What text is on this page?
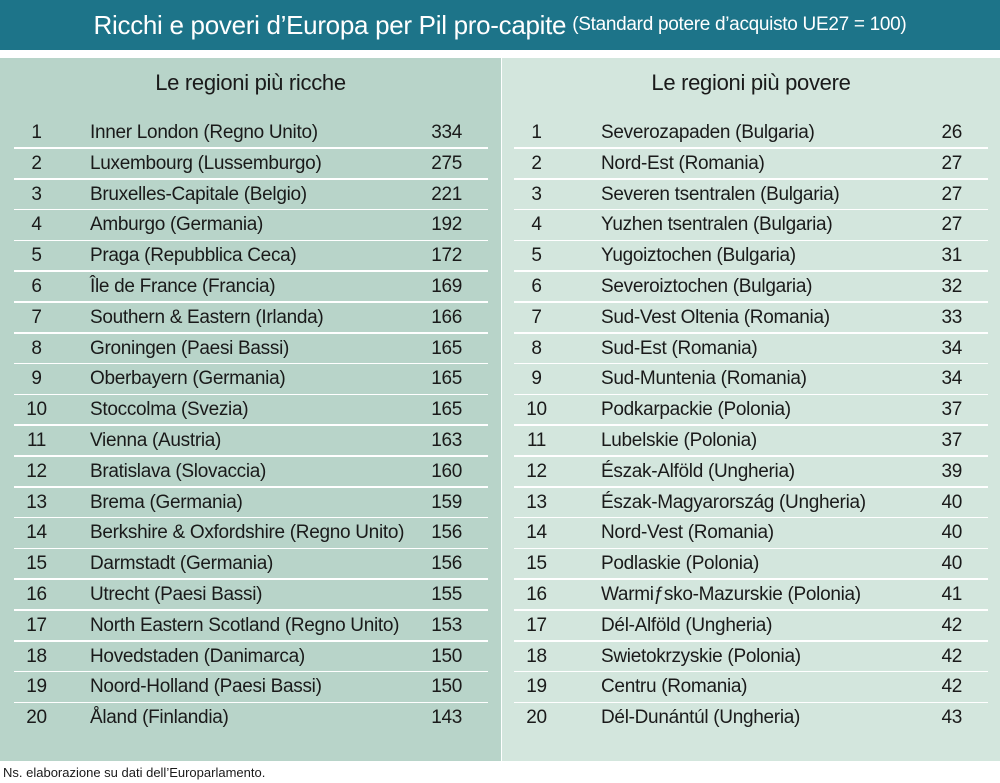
Ricchi e poveri d’Europa per Pil pro-capite (Standard potere d’acquisto UE27 = 100)
Le regioni più ricche
1	Inner London (Regno Unito)	334
2	Luxembourg (Lussemburgo)	275
3	Bruxelles-Capitale (Belgio)	221
4	Amburgo (Germania)	192
5	Praga (Repubblica Ceca)	172
6	Île de France (Francia)	169
7	Southern & Eastern (Irlanda)	166
8	Groningen (Paesi Bassi)	165
9	Oberbayern (Germania)	165
10	Stoccolma (Svezia)	165
11	Vienna (Austria)	163
12	Bratislava (Slovaccia)	160
13	Brema (Germania)	159
14	Berkshire & Oxfordshire (Regno Unito) 156
15	Darmstadt (Germania)	156
16	Utrecht (Paesi Bassi)	155
17	North Eastern Scotland (Regno Unito) 153
18	Hovedstaden (Danimarca)	150
19	Noord-Holland (Paesi Bassi)	150
20	Åland (Finlandia)	143
Le regioni più povere
1	Severozapaden (Bulgaria)	26
2	Nord-Est (Romania)	27
3	Severen tsentralen (Bulgaria)	27
4	Yuzhen tsentralen (Bulgaria)	27
5	Yugoiztochen (Bulgaria)	31
6	Severoiztochen (Bulgaria)	32
7	Sud-Vest Oltenia (Romania)	33
8	Sud-Est (Romania)	34
9	Sud-Muntenia (Romania)	34
10	Podkarpackie (Polonia)	37
11	Lubelskie (Polonia)	37
12	Észak-Alföld (Ungheria)	39
13	Észak-Magyarország (Ungheria)	40
14	Nord-Vest (Romania)	40
15	Podlaskie (Polonia)	40
16	Warmiƒsko-Mazurskie (Polonia)	41
17	Dél-Alföld (Ungheria)	42
18	Swietokrzyskie (Polonia)	42
19	Centru (Romania)	42
20	Dél-Dunántúl (Ungheria)	43
Ns. elaborazione su dati dell’Europarlamento.
